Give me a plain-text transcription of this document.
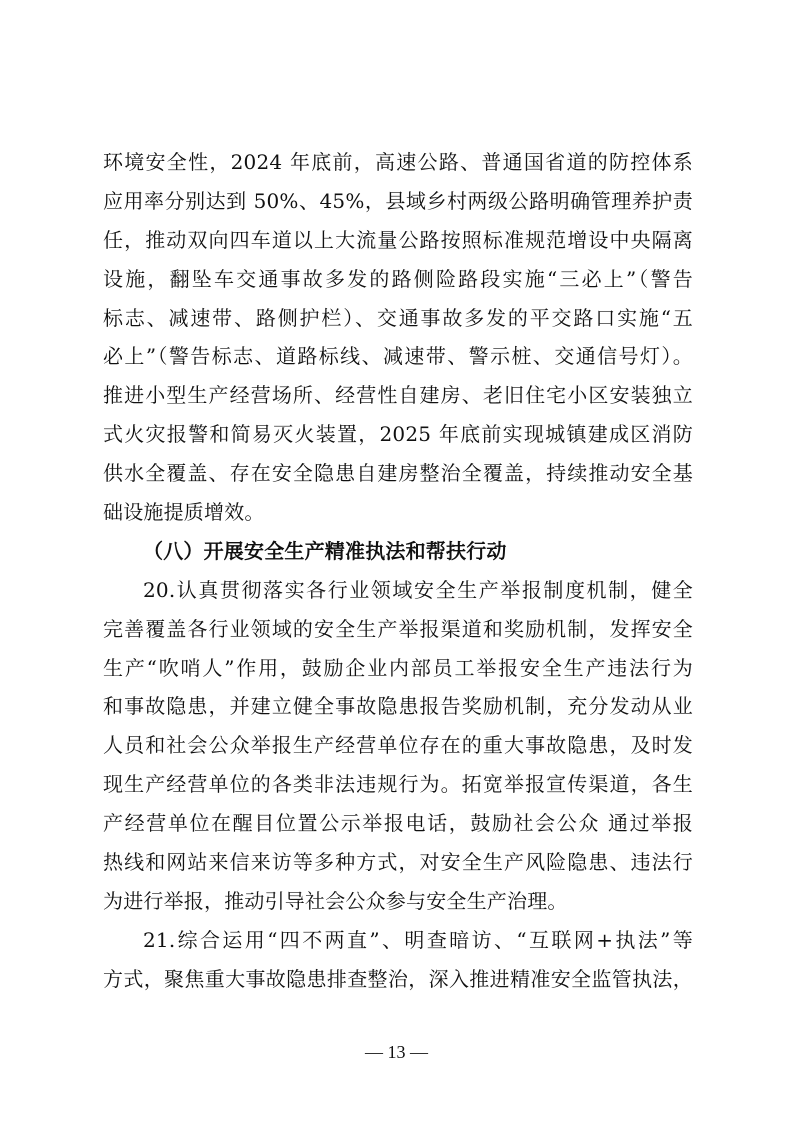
环境安全性，2024 年底前，高速公路、普通国省道的防控体系
应用率分别达到 50%、45%，县域乡村两级公路明确管理养护责
任，推动双向四车道以上大流量公路按照标准规范增设中央隔离
设施，翻坠车交通事故多发的路侧险路段实施“三必上”（警告
标志、减速带、路侧护栏）、交通事故多发的平交路口实施“五
必上”（警告标志、道路标线、减速带、警示桩、交通信号灯）。
推进小型生产经营场所、经营性自建房、老旧住宅小区安装独立
式火灾报警和简易灭火装置，2025 年底前实现城镇建成区消防
供水全覆盖、存在安全隐患自建房整治全覆盖，持续推动安全基
础设施提质增效。
（八）开展安全生产精准执法和帮扶行动
20.认真贯彻落实各行业领域安全生产举报制度机制，健全
完善覆盖各行业领域的安全生产举报渠道和奖励机制，发挥安全
生产“吹哨人”作用，鼓励企业内部员工举报安全生产违法行为
和事故隐患，并建立健全事故隐患报告奖励机制，充分发动从业
人员和社会公众举报生产经营单位存在的重大事故隐患，及时发
现生产经营单位的各类非法违规行为。拓宽举报宣传渠道，各生
产经营单位在醒目位置公示举报电话，鼓励社会公众 通过举报
热线和网站来信来访等多种方式，对安全生产风险隐患、违法行
为进行举报，推动引导社会公众参与安全生产治理。
21.综合运用“四不两直”、明查暗访、“互联网+执法”等
方式，聚焦重大事故隐患排查整治，深入推进精准安全监管执法，
— 13 —
